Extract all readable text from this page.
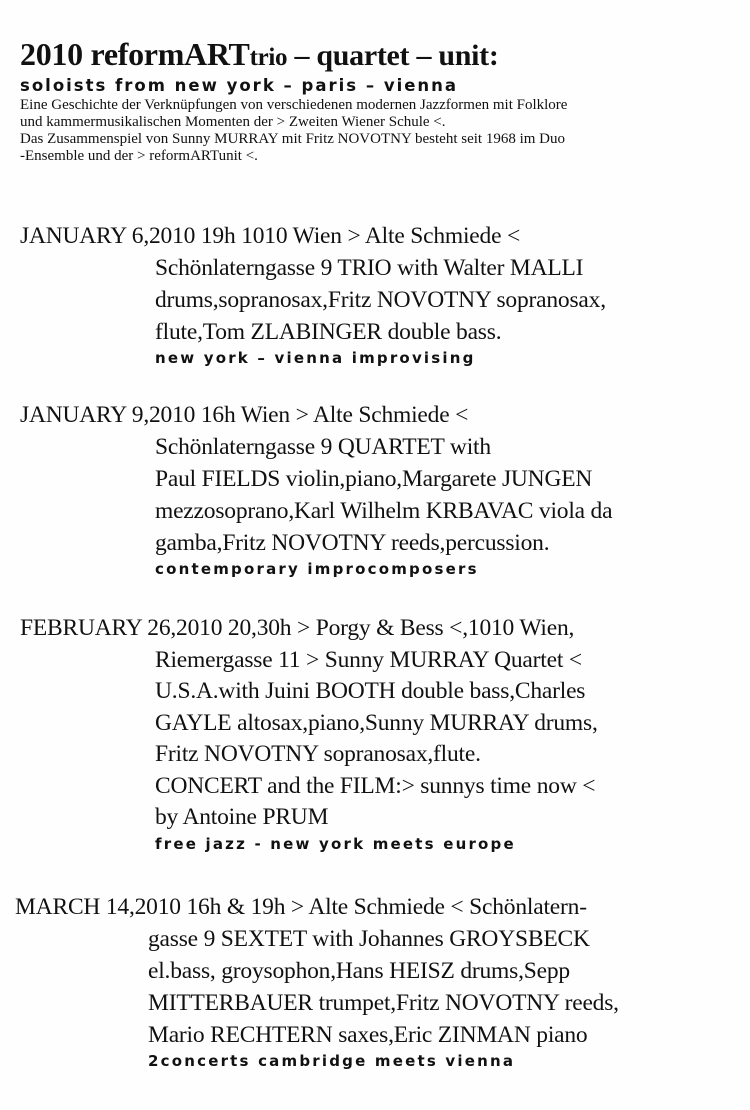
2010 reformARTtrio – quartet – unit:
soloists from new york – paris – vienna
Eine Geschichte der Verknüpfungen von verschiedenen modernen Jazzformen mit Folklore
und kammermusikalischen Momenten der > Zweiten Wiener Schule <.
Das Zusammenspiel von Sunny MURRAY mit Fritz NOVOTNY besteht seit 1968 im Duo
-Ensemble und der > reformARTunit <.
JANUARY 6,2010 19h 1010 Wien > Alte Schmiede <
Schönlaterngasse 9 TRIO with Walter MALLI
drums,sopranosax,Fritz NOVOTNY sopranosax,
flute,Tom ZLABINGER double bass.
new york – vienna improvising
JANUARY 9,2010 16h Wien > Alte Schmiede <
Schönlaterngasse 9 QUARTET with
Paul FIELDS violin,piano,Margarete JUNGEN
mezzosoprano,Karl Wilhelm KRBAVAC viola da
gamba,Fritz NOVOTNY reeds,percussion.
contemporary improcomposers
FEBRUARY 26,2010 20,30h > Porgy & Bess <,1010 Wien,
Riemergasse 11 > Sunny MURRAY Quartet <
U.S.A.with Juini BOOTH double bass,Charles
GAYLE altosax,piano,Sunny MURRAY drums,
Fritz NOVOTNY sopranosax,flute.
CONCERT and the FILM:> sunnys time now <
by Antoine PRUM
free jazz - new york meets europe
MARCH 14,2010 16h & 19h > Alte Schmiede < Schönlatern-
gasse 9 SEXTET with Johannes GROYSBECK
el.bass, groysophon,Hans HEISZ drums,Sepp
MITTERBAUER trumpet,Fritz NOVOTNY reeds,
Mario RECHTERN saxes,Eric ZINMAN piano
2concerts cambridge meets vienna
